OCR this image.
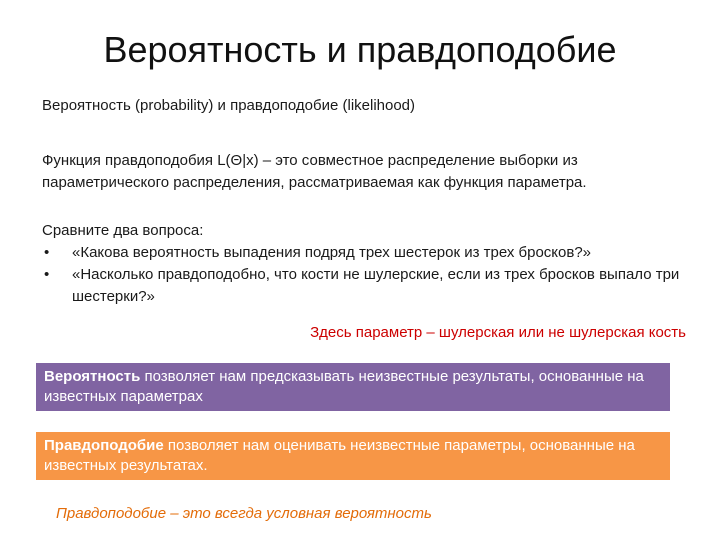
Вероятность и правдоподобие
Вероятность (probability) и правдоподобие (likelihood)
Функция правдоподобия L(Θ|x) – это совместное распределение выборки из параметрического распределения, рассматриваемая как функция параметра.
Сравните два вопроса:
• «Какова вероятность выпадения подряд трех шестерок из трех бросков?»
• «Насколько правдоподобно, что кости не шулерские, если из трех бросков выпало три шестерки?»
Здесь параметр – шулерская или не шулерская кость
Вероятность позволяет нам предсказывать неизвестные результаты, основанные на известных параметрах
Правдоподобие позволяет нам оценивать неизвестные параметры, основанные на известных результатах.
Правдоподобие – это всегда условная вероятность
